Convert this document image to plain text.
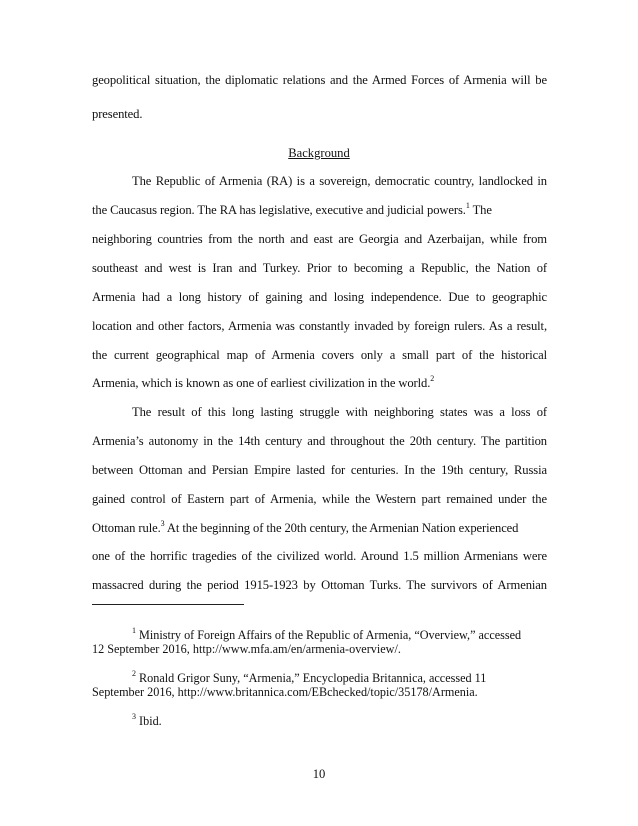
geopolitical situation, the diplomatic relations and the Armed Forces of Armenia will be
presented.
Background
The Republic of Armenia (RA) is a sovereign, democratic country, landlocked in
the Caucasus region. The RA has legislative, executive and judicial powers.$^1$ The
neighboring countries from the north and east are Georgia and Azerbaijan, while from
southeast and west is Iran and Turkey. Prior to becoming a Republic, the Nation of
Armenia had a long history of gaining and losing independence. Due to geographic
location and other factors, Armenia was constantly invaded by foreign rulers. As a result,
the current geographical map of Armenia covers only a small part of the historical
Armenia, which is known as one of earliest civilization in the world.$^2$
The result of this long lasting struggle with neighboring states was a loss of
Armenia’s autonomy in the 14th century and throughout the 20th century. The partition
between Ottoman and Persian Empire lasted for centuries. In the 19th century, Russia
gained control of Eastern part of Armenia, while the Western part remained under the
Ottoman rule.$^3$ At the beginning of the 20th century, the Armenian Nation experienced
one of the horrific tragedies of the civilized world. Around 1.5 million Armenians were
massacred during the period 1915-1923 by Ottoman Turks. The survivors of Armenian
$^1$ Ministry of Foreign Affairs of the Republic of Armenia, “Overview,” accessed
12 September 2016, http://www.mfa.am/en/armenia-overview/.
$^2$ Ronald Grigor Suny, “Armenia,” Encyclopedia Britannica, accessed 11
September 2016, http://www.britannica.com/EBchecked/topic/35178/Armenia.
$^3$ Ibid.
10
